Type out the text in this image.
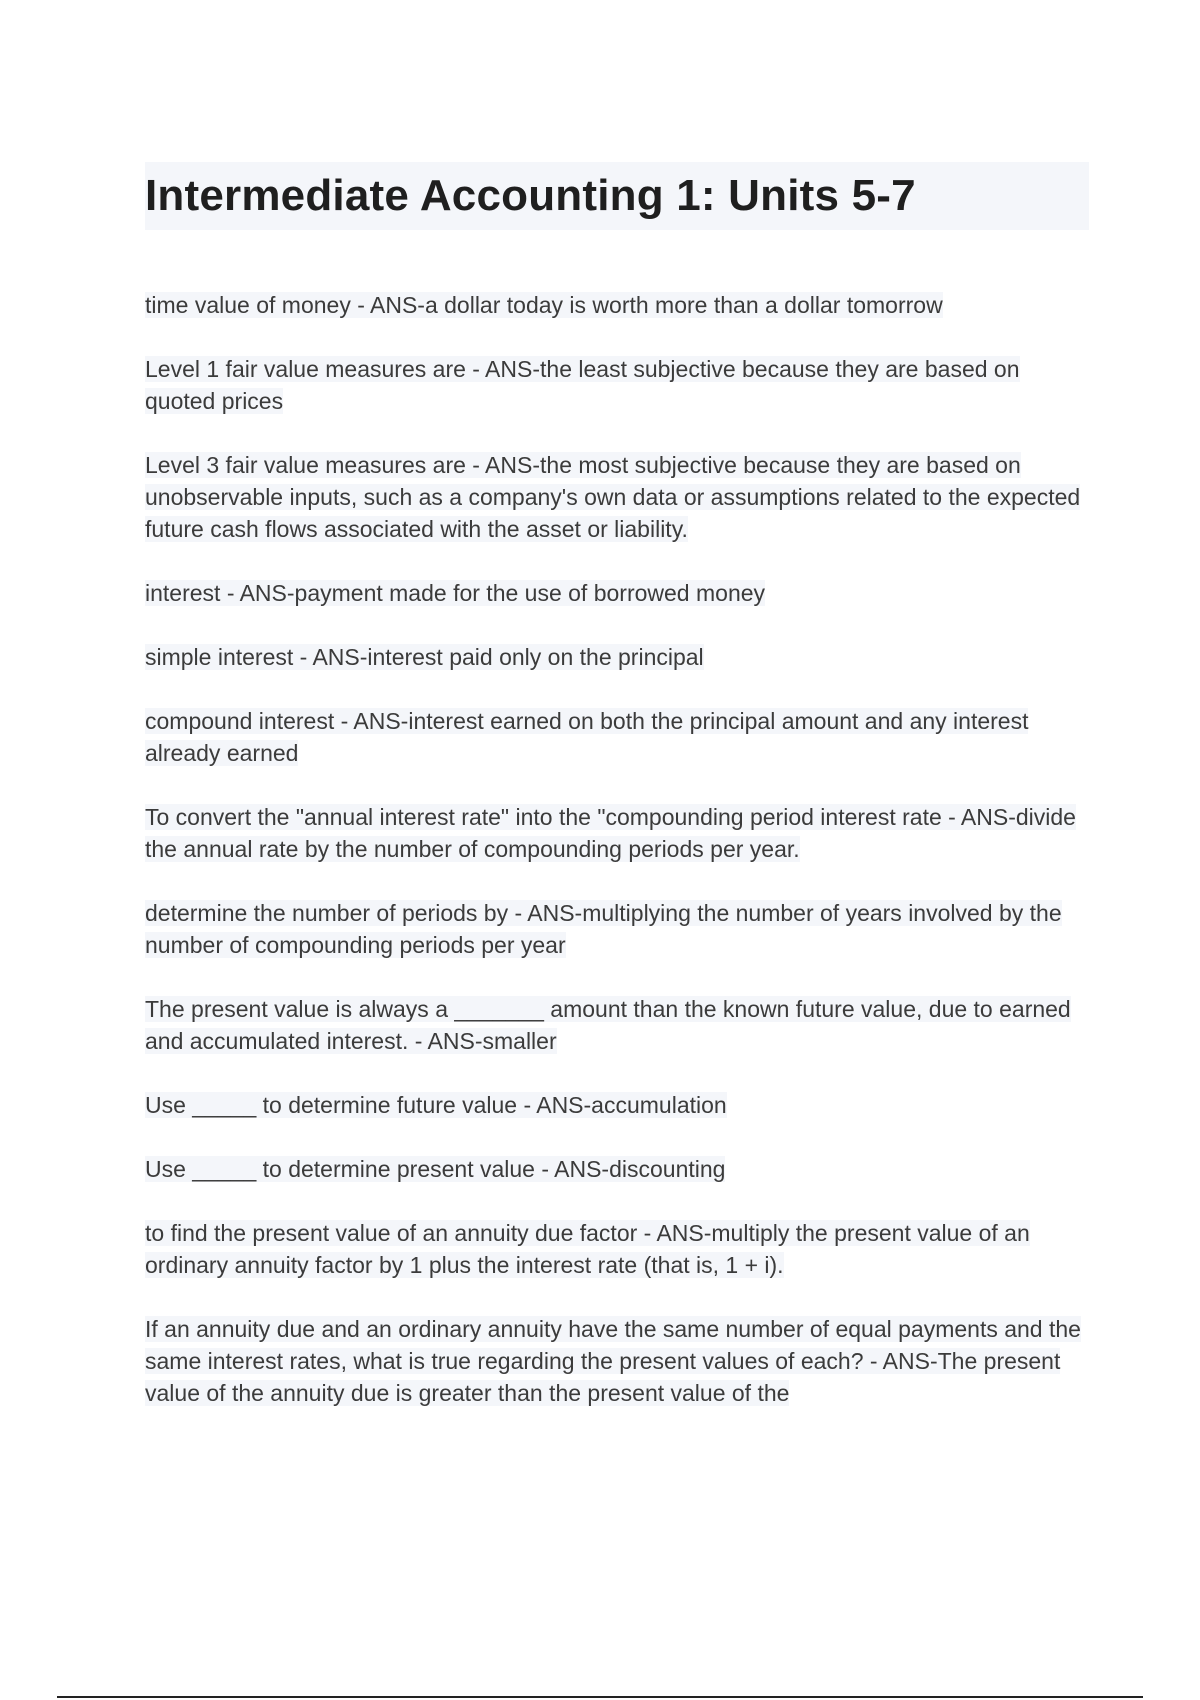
Intermediate Accounting 1: Units 5-7

time value of money - ANS-a dollar today is worth more than a dollar tomorrow

Level 1 fair value measures are - ANS-the least subjective because they are based on quoted prices

Level 3 fair value measures are - ANS-the most subjective because they are based on unobservable inputs, such as a company's own data or assumptions related to the expected future cash flows associated with the asset or liability.

interest - ANS-payment made for the use of borrowed money

simple interest - ANS-interest paid only on the principal

compound interest - ANS-interest earned on both the principal amount and any interest already earned

To convert the "annual interest rate" into the "compounding period interest rate - ANS-divide the annual rate by the number of compounding periods per year.

determine the number of periods by - ANS-multiplying the number of years involved by the number of compounding periods per year

The present value is always a _______ amount than the known future value, due to earned and accumulated interest. - ANS-smaller

Use _____ to determine future value - ANS-accumulation

Use _____ to determine present value - ANS-discounting

to find the present value of an annuity due factor - ANS-multiply the present value of an ordinary annuity factor by 1 plus the interest rate (that is, 1 + i).

If an annuity due and an ordinary annuity have the same number of equal payments and the same interest rates, what is true regarding the present values of each? - ANS-The present value of the annuity due is greater than the present value of the
